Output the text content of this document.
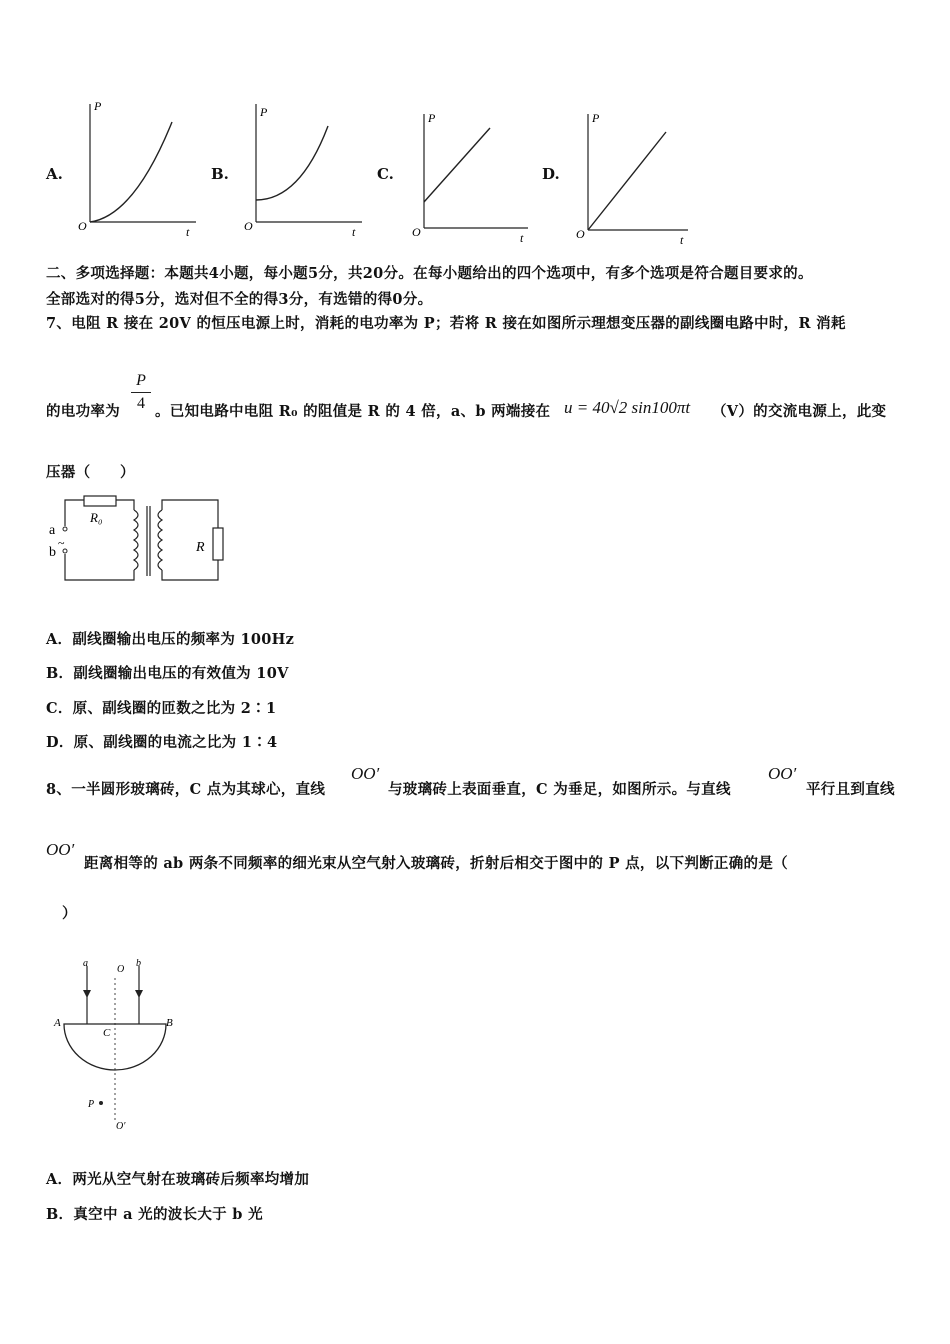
A.	B.	C.	D.
P
O	t
P
O	t
P
O	t
P
O	t
二、多项选择题：本题共4小题，每小题5分，共20分。在每小题给出的四个选项中，有多个选项是符合题目要求的。
全部选对的得5分，选对但不全的得3分，有选错的得0分。
7、电阻 R 接在 20V 的恒压电源上时，消耗的电功率为 P；若将 R 接在如图所示理想变压器的副线圈电路中时，R 消耗
的电功率为
P
4 。已知电路中电阻 R₀ 的阻值是 R 的 4 倍，a、b 两端接在 u = 40√2 sin100πt （V）的交流电源上，此变
压器（　　）
a
b
~
R₀
R
A．副线圈输出电压的频率为 100Hz
B．副线圈输出电压的有效值为 10V
C．原、副线圈的匝数之比为 2∶1
D．原、副线圈的电流之比为 1∶4
8、一半圆形玻璃砖，C 点为其球心，直线
OO′
与玻璃砖上表面垂直，C 为垂足，如图所示。与直线
OO′
平行且到直线
OO′
距离相等的 ab 两条不同频率的细光束从空气射入玻璃砖，折射后相交于图中的 P 点，以下判断正确的是（
）
a	b
O
A	B
C
P
O′
A．两光从空气射在玻璃砖后频率均增加
B．真空中 a 光的波长大于 b 光
